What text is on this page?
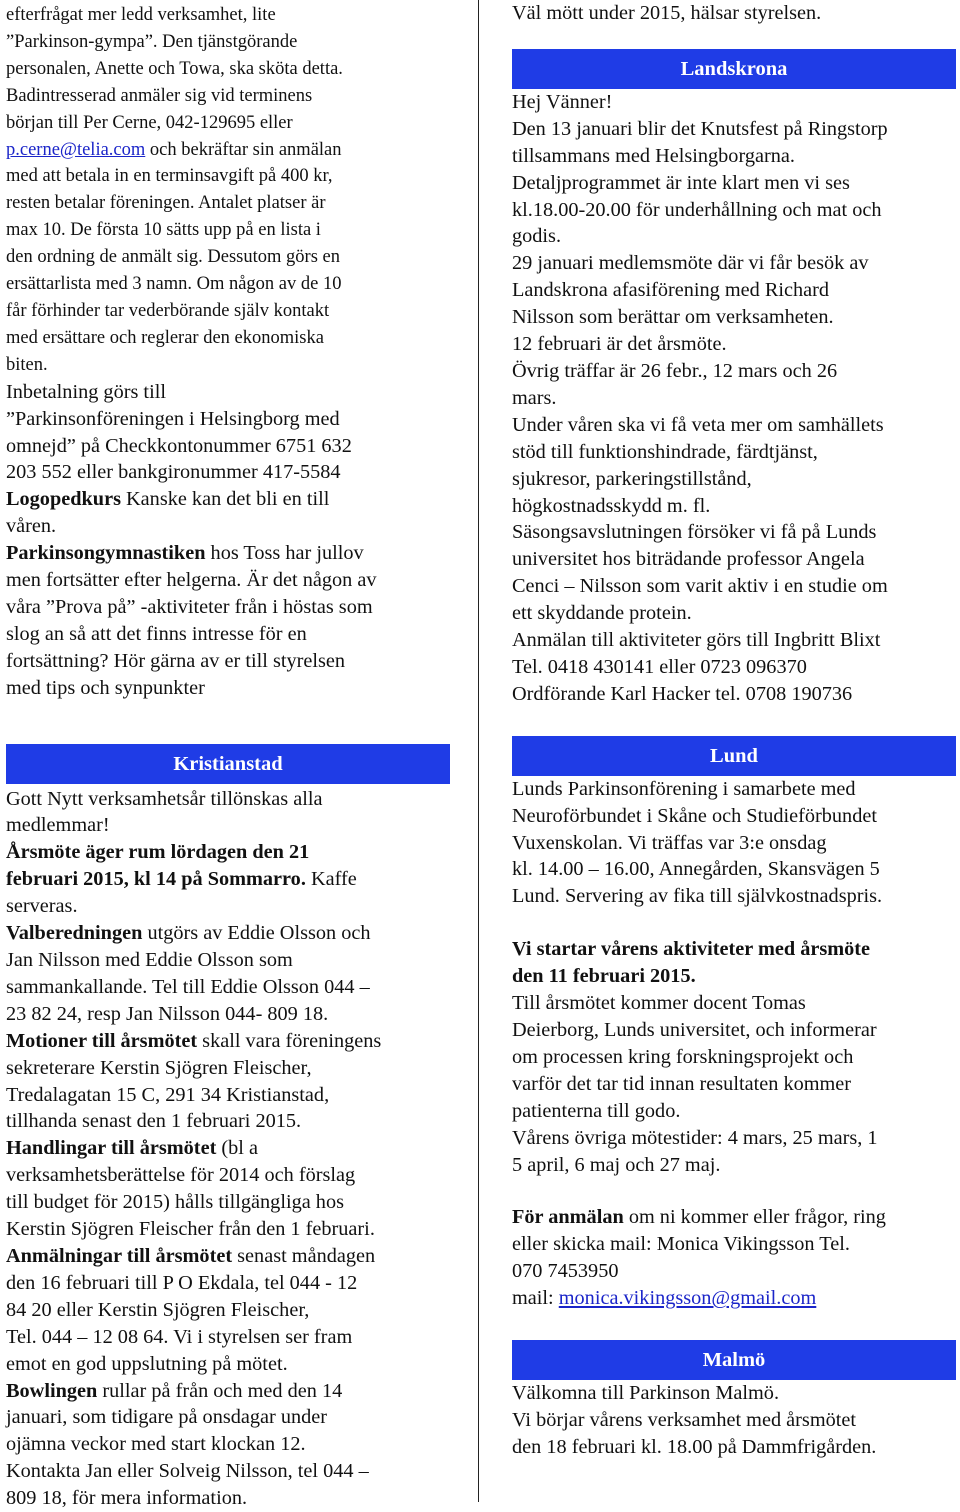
efterfrågat mer ledd verksamhet, lite
”Parkinson-gympa”. Den tjänstgörande
personalen, Anette och Towa, ska sköta detta.
Badintresserad anmäler sig vid terminens
början till Per Cerne, 042-129695 eller
p.cerne@telia.com och bekräftar sin anmälan
med att betala in en terminsavgift på 400 kr,
resten betalar föreningen. Antalet platser är
max 10. De första 10 sätts upp på en lista i
den ordning de anmält sig. Dessutom görs en
ersättarlista med 3 namn. Om någon av de 10
får förhinder tar vederbörande själv kontakt
med ersättare och reglerar den ekonomiska
biten.

Inbetalning görs till
”Parkinsonföreningen i Helsingborg med
omnejd” på Checkkontonummer 6751 632
203 552 eller bankgironummer 417-5584
Logopedkurs Kanske kan det bli en till
våren.
Parkinsongymnastiken hos Toss har jullov
men fortsätter efter helgerna. Är det någon av
våra ”Prova på” -aktiviteter från i höstas som
slog an så att det finns intresse för en
fortsättning? Hör gärna av er till styrelsen
med tips och synpunkter

Kristianstad

Gott Nytt verksamhetsår tillönskas alla
medlemmar!
Årsmöte äger rum lördagen den 21
februari 2015, kl 14 på Sommarro. Kaffe
serveras.
Valberedningen utgörs av Eddie Olsson och
Jan Nilsson med Eddie Olsson som
sammankallande. Tel till Eddie Olsson 044 –
23 82 24, resp Jan Nilsson 044- 809 18.
Motioner till årsmötet skall vara föreningens
sekreterare Kerstin Sjögren Fleischer,
Tredalagatan 15 C, 291 34 Kristianstad,
tillhanda senast den 1 februari 2015.
Handlingar till årsmötet (bl a
verksamhetsberättelse för 2014 och förslag
till budget för 2015) hålls tillgängliga hos
Kerstin Sjögren Fleischer från den 1 februari.
Anmälningar till årsmötet senast måndagen
den 16 februari till P O Ekdala, tel 044 - 12
84 20 eller Kerstin Sjögren Fleischer,
Tel. 044 – 12 08 64. Vi i styrelsen ser fram
emot en god uppslutning på mötet.
Bowlingen rullar på från och med den 14
januari, som tidigare på onsdagar under
ojämna veckor med start klockan 12.
Kontakta Jan eller Solveig Nilsson, tel 044 –
809 18, för mera information.

Väl mött under 2015, hälsar styrelsen.

Landskrona

Hej Vänner!
Den 13 januari blir det Knutsfest på Ringstorp
tillsammans med Helsingborgarna.
Detaljprogrammet är inte klart men vi ses
kl.18.00-20.00 för underhållning och mat och
godis.
29 januari medlemsmöte där vi får besök av
Landskrona afasiförening med Richard
Nilsson som berättar om verksamheten.
12 februari är det årsmöte.
Övrig träffar är 26 febr., 12 mars och 26
mars.
Under våren ska vi få veta mer om samhällets
stöd till funktionshindrade, färdtjänst,
sjukresor, parkeringstillstånd,
högkostnadsskydd m. fl.
Säsongsavslutningen försöker vi få på Lunds
universitet hos biträdande professor Angela
Cenci – Nilsson som varit aktiv i en studie om
ett skyddande protein.
Anmälan till aktiviteter görs till Ingbritt Blixt
Tel. 0418 430141 eller 0723 096370
Ordförande Karl Hacker tel. 0708 190736

Lund

Lunds Parkinsonförening i samarbete med
Neuroförbundet i Skåne och Studieförbundet
Vuxenskolan. Vi träffas var 3:e onsdag
kl. 14.00 – 16.00, Annegården, Skansvägen 5
Lund. Servering av fika till självkostnadspris.

Vi startar vårens aktiviteter med årsmöte
den 11 februari 2015.
Till årsmötet kommer docent Tomas
Deierborg, Lunds universitet, och informerar
om processen kring forskningsprojekt och
varför det tar tid innan resultaten kommer
patienterna till godo.
Vårens övriga mötestider: 4 mars, 25 mars, 1
5 april, 6 maj och 27 maj.

För anmälan om ni kommer eller frågor, ring
eller skicka mail: Monica Vikingsson Tel.
070 7453950
mail: monica.vikingsson@gmail.com

Malmö

Välkomna till Parkinson Malmö.
Vi börjar vårens verksamhet med årsmötet
den 18 februari kl. 18.00 på Dammfrigården.
